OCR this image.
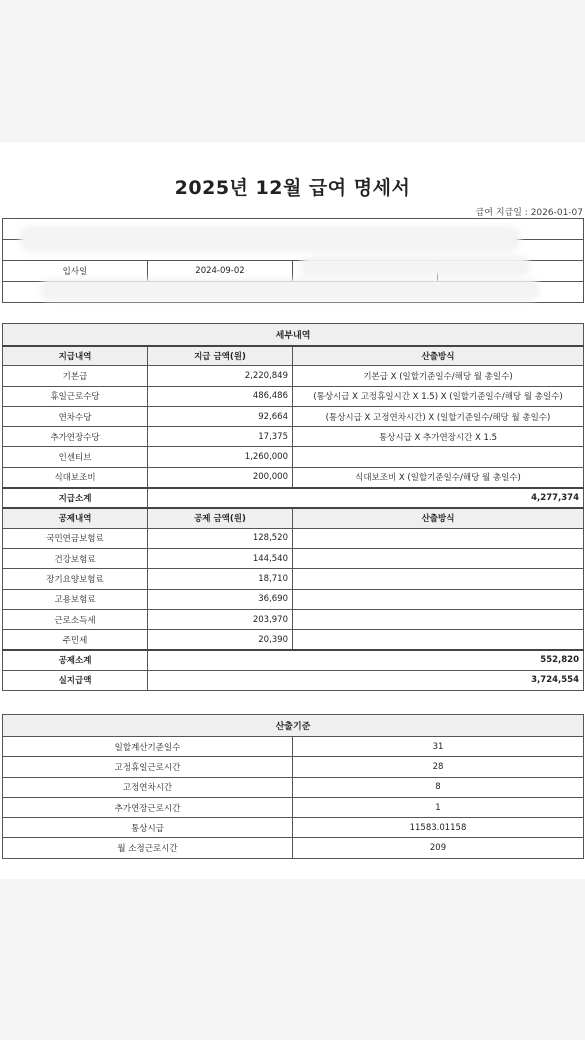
2025년 12월 급여 명세서
급여 지급일 : 2026-01-07

입사일	2024-09-02		

세부내역		
지급내역	지급 금액(원)	산출방식
기본급	2,220,849	기본급 X (일할기준일수/해당 월 총일수)
휴일근로수당	486,486	(통상시급 X 고정휴일시간 X 1.5) X (일할기준일수/해당 월 총일수)
연차수당	92,664	(통상시급 X 고정연차시간) X (일할기준일수/해당 월 총일수)
추가연장수당	17,375	통상시급 X 추가연장시간 X 1.5
인센티브	1,260,000	
식대보조비	200,000	식대보조비 X (일할기준일수/해당 월 총일수)
지급소계	4,277,374	
공제내역	공제 금액(원)	산출방식
국민연금보험료	128,520	
건강보험료	144,540	
장기요양보험료	18,710	
고용보험료	36,690	
근로소득세	203,970	
주민세	20,390	
공제소계	552,820	
실지급액	3,724,554	
산출기준	
일할계산기준일수	31
고정휴일근로시간	28
고정연차시간	8
추가연장근로시간	1
통상시급	11583.01158
월 소정근로시간	209
